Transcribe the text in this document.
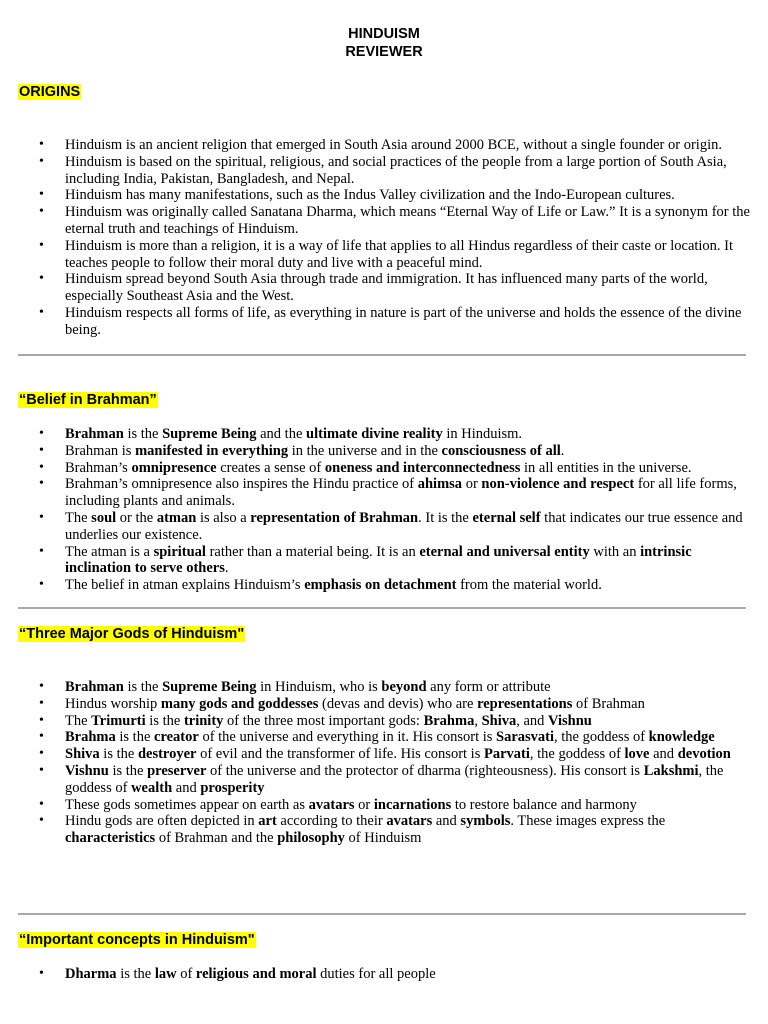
HINDUISM
REVIEWER
ORIGINS
• Hinduism is an ancient religion that emerged in South Asia around 2000 BCE, without a single founder or origin.
• Hinduism is based on the spiritual, religious, and social practices of the people from a large portion of South Asia, including India, Pakistan, Bangladesh, and Nepal.
• Hinduism has many manifestations, such as the Indus Valley civilization and the Indo-European cultures.
• Hinduism was originally called Sanatana Dharma, which means “Eternal Way of Life or Law.” It is a synonym for the eternal truth and teachings of Hinduism.
• Hinduism is more than a religion, it is a way of life that applies to all Hindus regardless of their caste or location. It teaches people to follow their moral duty and live with a peaceful mind.
• Hinduism spread beyond South Asia through trade and immigration. It has influenced many parts of the world, especially Southeast Asia and the West.
• Hinduism respects all forms of life, as everything in nature is part of the universe and holds the essence of the divine being.
“Belief in Brahman”
• Brahman is the Supreme Being and the ultimate divine reality in Hinduism.
• Brahman is manifested in everything in the universe and in the consciousness of all.
• Brahman’s omnipresence creates a sense of oneness and interconnectedness in all entities in the universe.
• Brahman’s omnipresence also inspires the Hindu practice of ahimsa or non-violence and respect for all life forms, including plants and animals.
• The soul or the atman is also a representation of Brahman. It is the eternal self that indicates our true essence and underlies our existence.
• The atman is a spiritual rather than a material being. It is an eternal and universal entity with an intrinsic inclination to serve others.
• The belief in atman explains Hinduism’s emphasis on detachment from the material world.
“Three Major Gods of Hinduism"
• Brahman is the Supreme Being in Hinduism, who is beyond any form or attribute
• Hindus worship many gods and goddesses (devas and devis) who are representations of Brahman
• The Trimurti is the trinity of the three most important gods: Brahma, Shiva, and Vishnu
• Brahma is the creator of the universe and everything in it. His consort is Sarasvati, the goddess of knowledge
• Shiva is the destroyer of evil and the transformer of life. His consort is Parvati, the goddess of love and devotion
• Vishnu is the preserver of the universe and the protector of dharma (righteousness). His consort is Lakshmi, the goddess of wealth and prosperity
• These gods sometimes appear on earth as avatars or incarnations to restore balance and harmony
• Hindu gods are often depicted in art according to their avatars and symbols. These images express the characteristics of Brahman and the philosophy of Hinduism
“Important concepts in Hinduism"
• Dharma is the law of religious and moral duties for all people
